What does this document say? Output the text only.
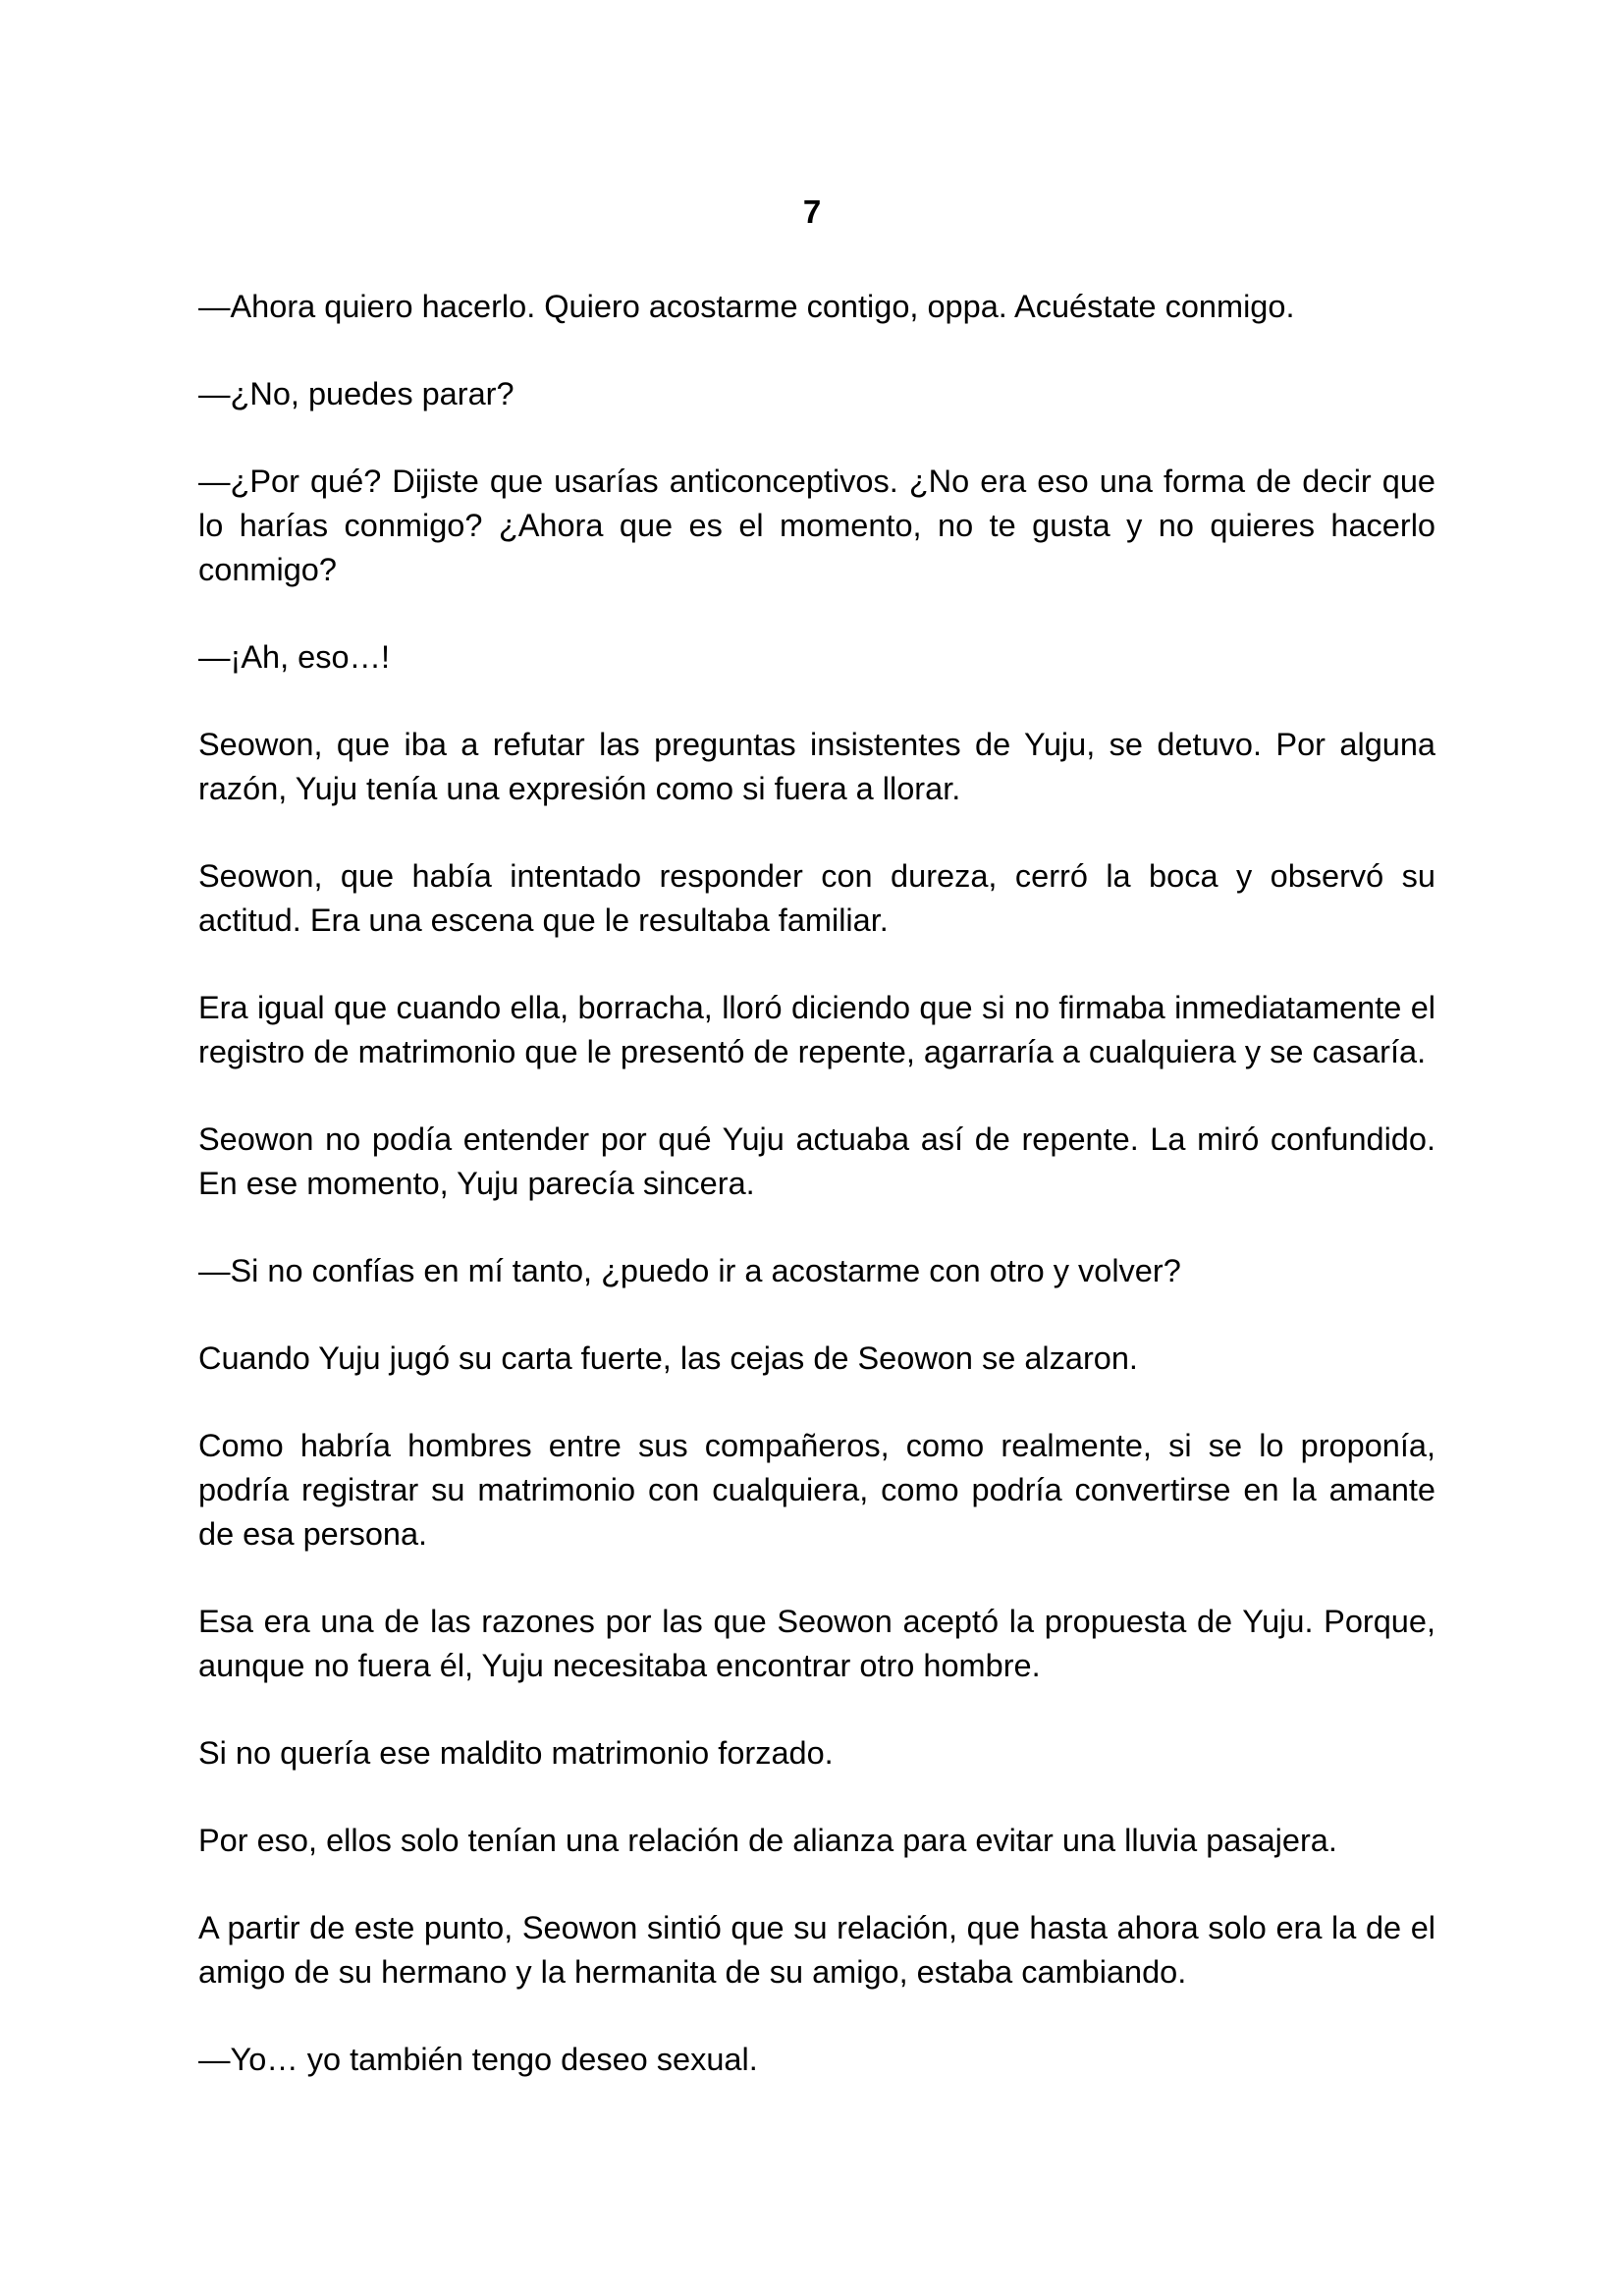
7

—Ahora quiero hacerlo. Quiero acostarme contigo, oppa. Acuéstate conmigo.

—¿No, puedes parar?

—¿Por qué? Dijiste que usarías anticonceptivos. ¿No era eso una forma de decir que lo harías conmigo? ¿Ahora que es el momento, no te gusta y no quieres hacerlo conmigo?

—¡Ah, eso…!

Seowon, que iba a refutar las preguntas insistentes de Yuju, se detuvo. Por alguna razón, Yuju tenía una expresión como si fuera a llorar.

Seowon, que había intentado responder con dureza, cerró la boca y observó su actitud. Era una escena que le resultaba familiar.

Era igual que cuando ella, borracha, lloró diciendo que si no firmaba inmediatamente el registro de matrimonio que le presentó de repente, agarraría a cualquiera y se casaría.

Seowon no podía entender por qué Yuju actuaba así de repente. La miró confundido. En ese momento, Yuju parecía sincera.

—Si no confías en mí tanto, ¿puedo ir a acostarme con otro y volver?

Cuando Yuju jugó su carta fuerte, las cejas de Seowon se alzaron.

Como habría hombres entre sus compañeros, como realmente, si se lo proponía, podría registrar su matrimonio con cualquiera, como podría convertirse en la amante de esa persona.

Esa era una de las razones por las que Seowon aceptó la propuesta de Yuju. Porque, aunque no fuera él, Yuju necesitaba encontrar otro hombre.

Si no quería ese maldito matrimonio forzado.

Por eso, ellos solo tenían una relación de alianza para evitar una lluvia pasajera.

A partir de este punto, Seowon sintió que su relación, que hasta ahora solo era la de el amigo de su hermano y la hermanita de su amigo, estaba cambiando.

—Yo… yo también tengo deseo sexual.
